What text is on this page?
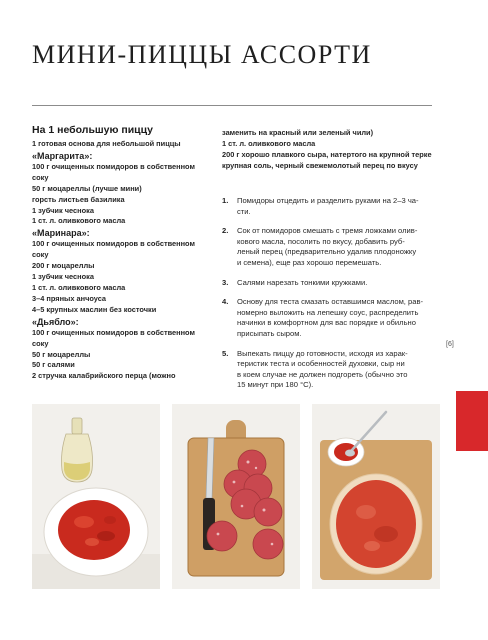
МИНИ-ПИЦЦЫ АССОРТИ
На 1 небольшую пиццу
1 готовая основа для небольшой пиццы
«Маргарита»:
100 г очищенных помидоров в собственном
соку
50 г моцареллы (лучше мини)
горсть листьев базилика
1 зубчик чеснока
1 ст. л. оливкового масла
«Маринара»:
100 г очищенных помидоров в собственном
соку
200 г моцареллы
1 зубчик чеснока
1 ст. л. оливкового масла
3–4 пряных анчоуса
4–5 крупных маслин без косточки
«Дьябло»:
100 г очищенных помидоров в собственном
соку
50 г моцареллы
50 г салями
2 стручка калабрийского перца (можно
заменить на красный или зеленый чили)
1 ст. л. оливкового масла
200 г хорошо плавкого сыра, натертого на крупной терке
крупная соль, черный свежемолотый перец по вкусу
1. Помидоры отцедить и разделить руками на 2–3 ча-
сти.
2. Сок от помидоров смешать с тремя ложками олив-
кового масла, посолить по вкусу, добавить руб-
леный перец (предварительно удалив плодоножку
и семена), еще раз хорошо перемешать.
3. Салями нарезать тонкими кружками.
4. Основу для теста смазать оставшимся маслом, рав-
номерно выложить на лепешку соус, распределить
начинки в комфортном для вас порядке и обильно
присыпать сыром.
5. Выпекать пиццу до готовности, исходя из харак-
теристик теста и особенностей духовки, сыр ни
в коем случае не должен подгореть (обычно это
15 минут при 180 °С).
[6]
